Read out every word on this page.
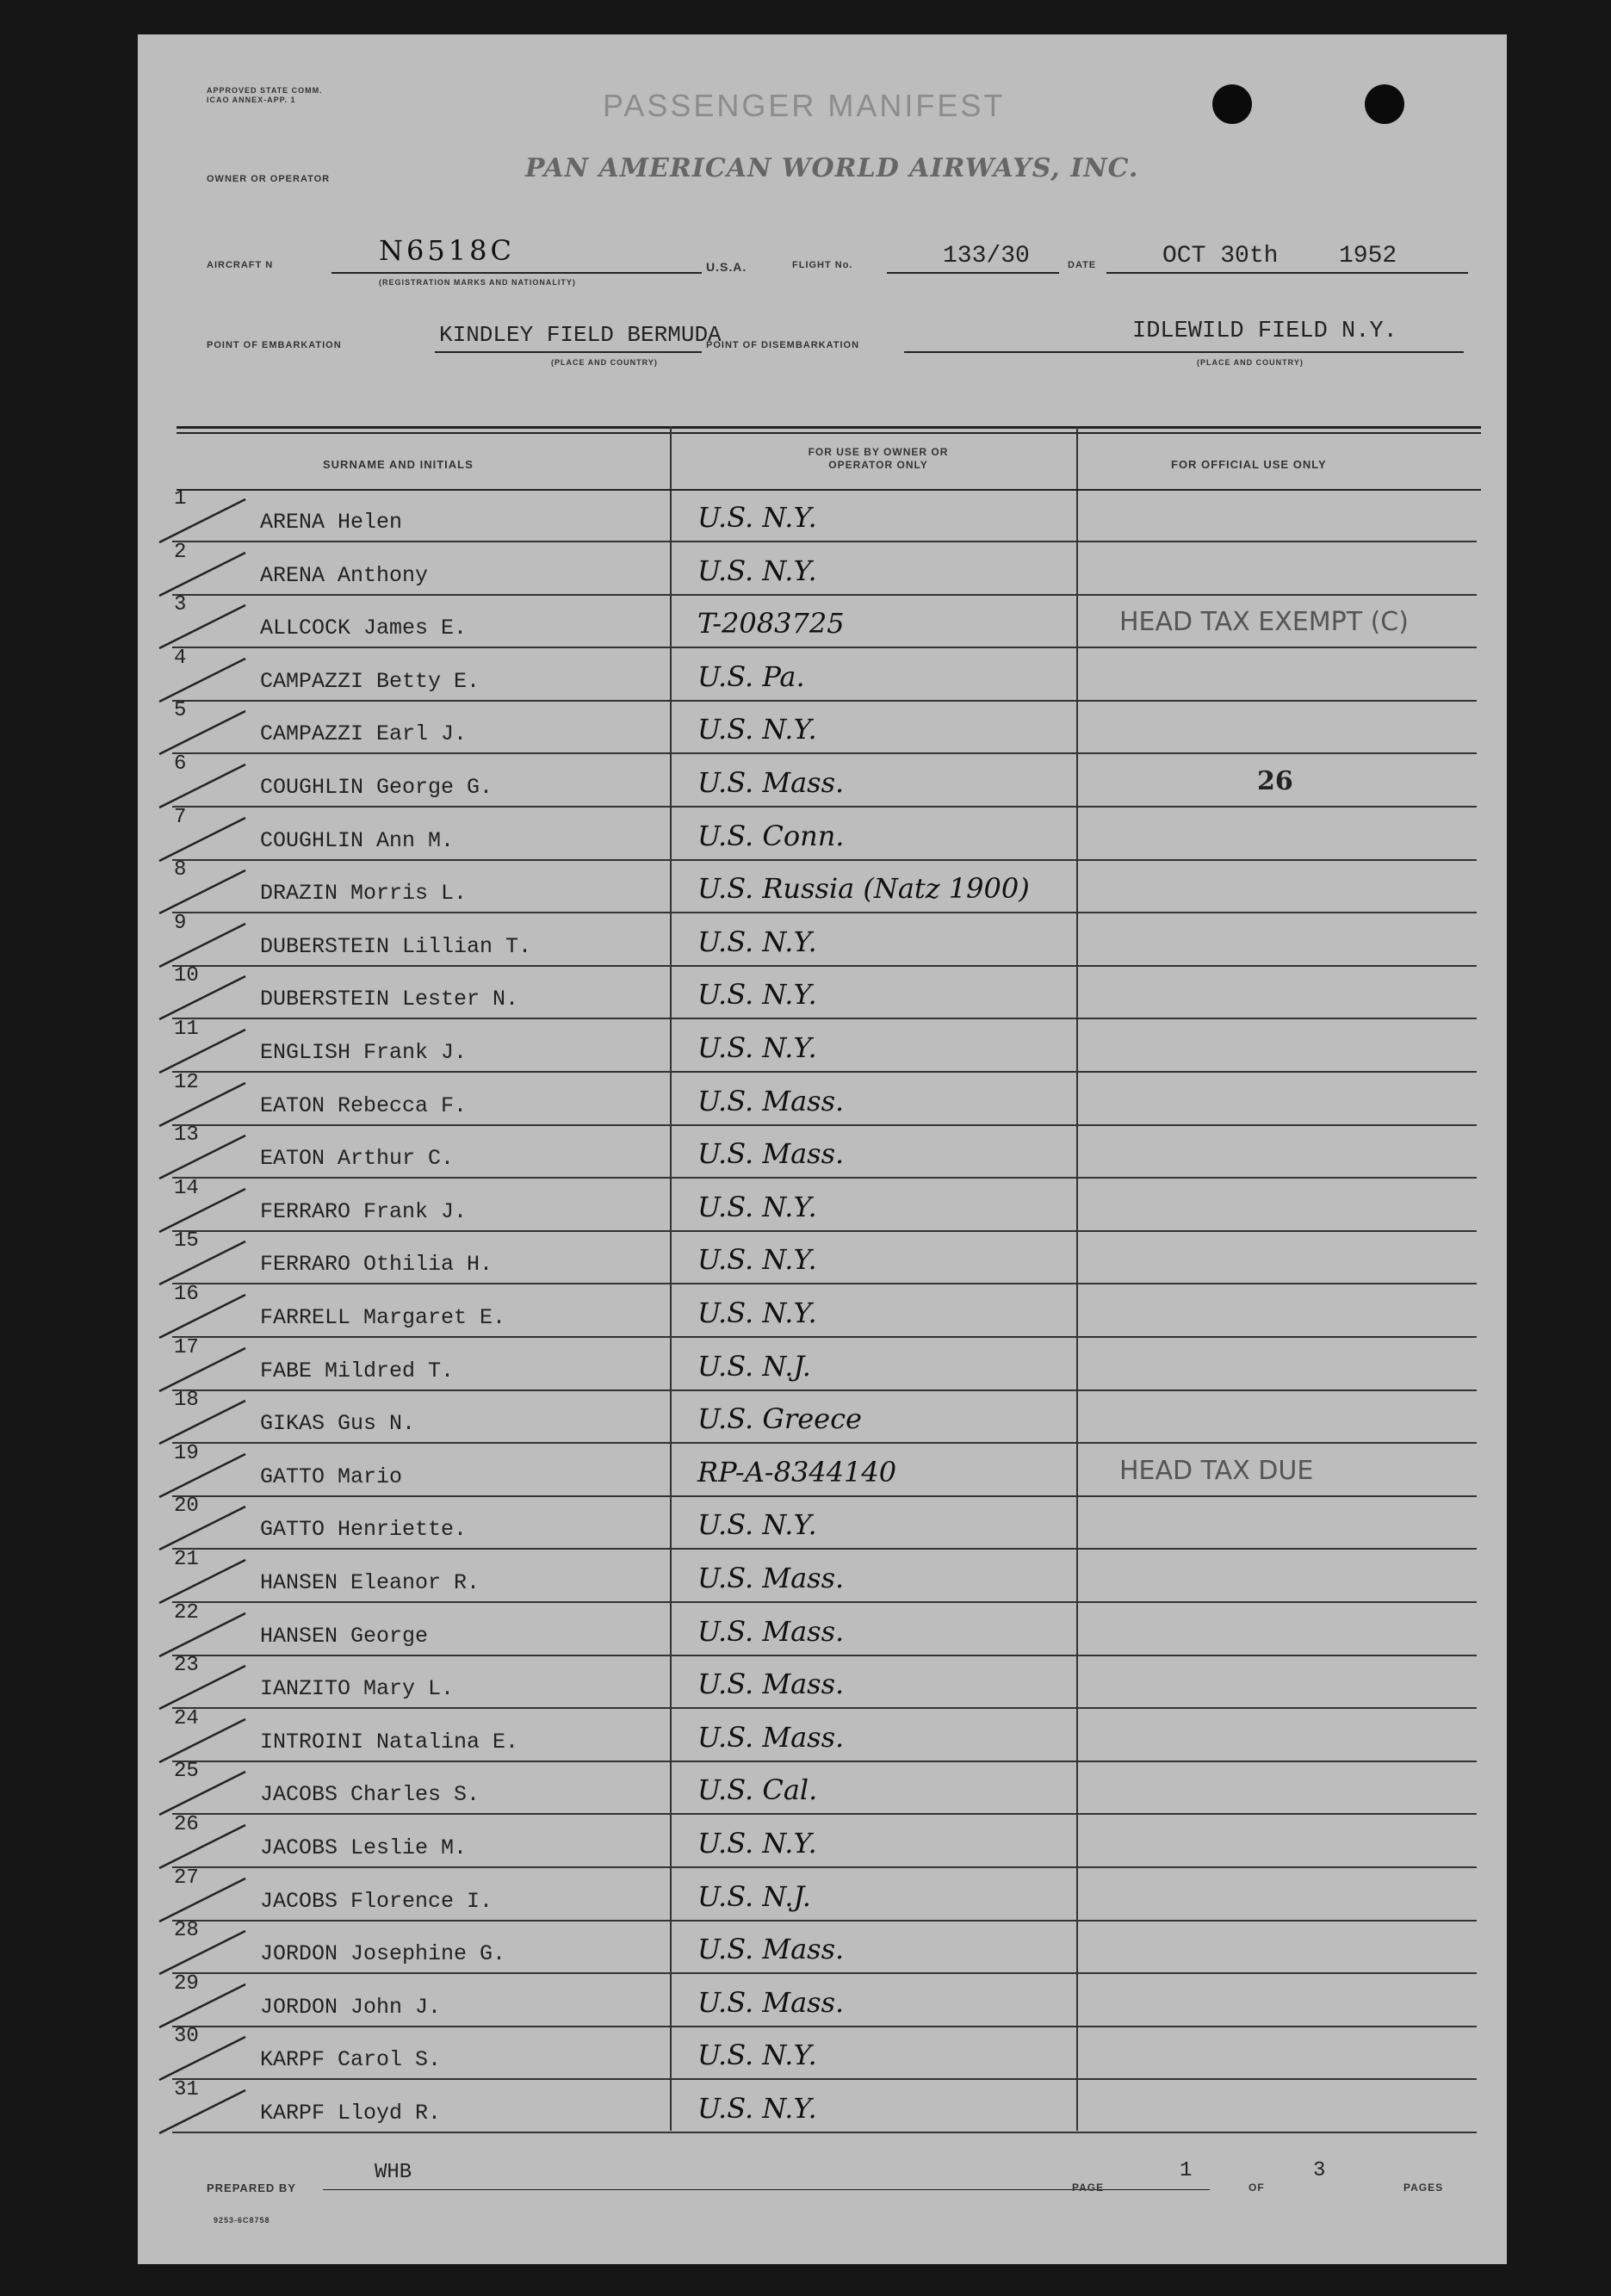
APPROVED STATE COMM. ICAO ANNEX-APP. 1	PASSENGER MANIFEST
OWNER OR OPERATOR	PAN AMERICAN WORLD AIRWAYS, INC.
AIRCRAFT N	N6518C
(REGISTRATION MARKS AND NATIONALITY)
U.S.A.	FLIGHT No.	133/30	DATE	OCT 30th	1952
POINT OF EMBARKATION	KINDLEY FIELD BERMUDA
(PLACE AND COUNTRY)
POINT OF DISEMBARKATION
IDLEWILD FIELD N.Y.
(PLACE AND COUNTRY)
SURNAME AND INITIALS
FOR USE BY OWNER OR OPERATOR ONLY	FOR OFFICIAL USE ONLY
1
ARENA Helen	U.S. N.Y.
2
ARENA Anthony	U.S. N.Y.
3
ALLCOCK James E.	T-2083725	HEAD TAX EXEMPT (C)
4
CAMPAZZI Betty E.	U.S. Pa.
5
CAMPAZZI Earl J.	U.S. N.Y.
6
COUGHLIN George G.	U.S. Mass.	26
7
COUGHLIN Ann M.	U.S. Conn.
8
DRAZIN Morris L.	U.S. Russia (Natz 1900)
9
DUBERSTEIN Lillian T.	U.S. N.Y.
10
DUBERSTEIN Lester N.	U.S. N.Y.
11
ENGLISH Frank J.	U.S. N.Y.
12
EATON Rebecca F.	U.S. Mass.
13
EATON Arthur C.	U.S. Mass.
14
FERRARO Frank J.	U.S. N.Y.
15
FERRARO Othilia H.	U.S. N.Y.
16
FARRELL Margaret E.	U.S. N.Y.
17
FABE Mildred T.	U.S. N.J.
18
GIKAS Gus N.	U.S. Greece
19
GATTO Mario	RP-A-8344140	HEAD TAX DUE
20
GATTO Henriette.	U.S. N.Y.
21
HANSEN Eleanor R.	U.S. Mass.
22
HANSEN George	U.S. Mass.
23
IANZITO Mary L.	U.S. Mass.
24
INTROINI Natalina E.	U.S. Mass.
25
JACOBS Charles S.	U.S. Cal.
26
JACOBS Leslie M.	U.S. N.Y.
27
JACOBS Florence I.	U.S. N.J.
28
JORDON Josephine G.	U.S. Mass.
29
JORDON John J.	U.S. Mass.
30
KARPF Carol S.	U.S. N.Y.
31
KARPF Lloyd R.	U.S. N.Y.
PREPARED BY
WHB
PAGE
1
OF
3
PAGES
9253-6C8758
